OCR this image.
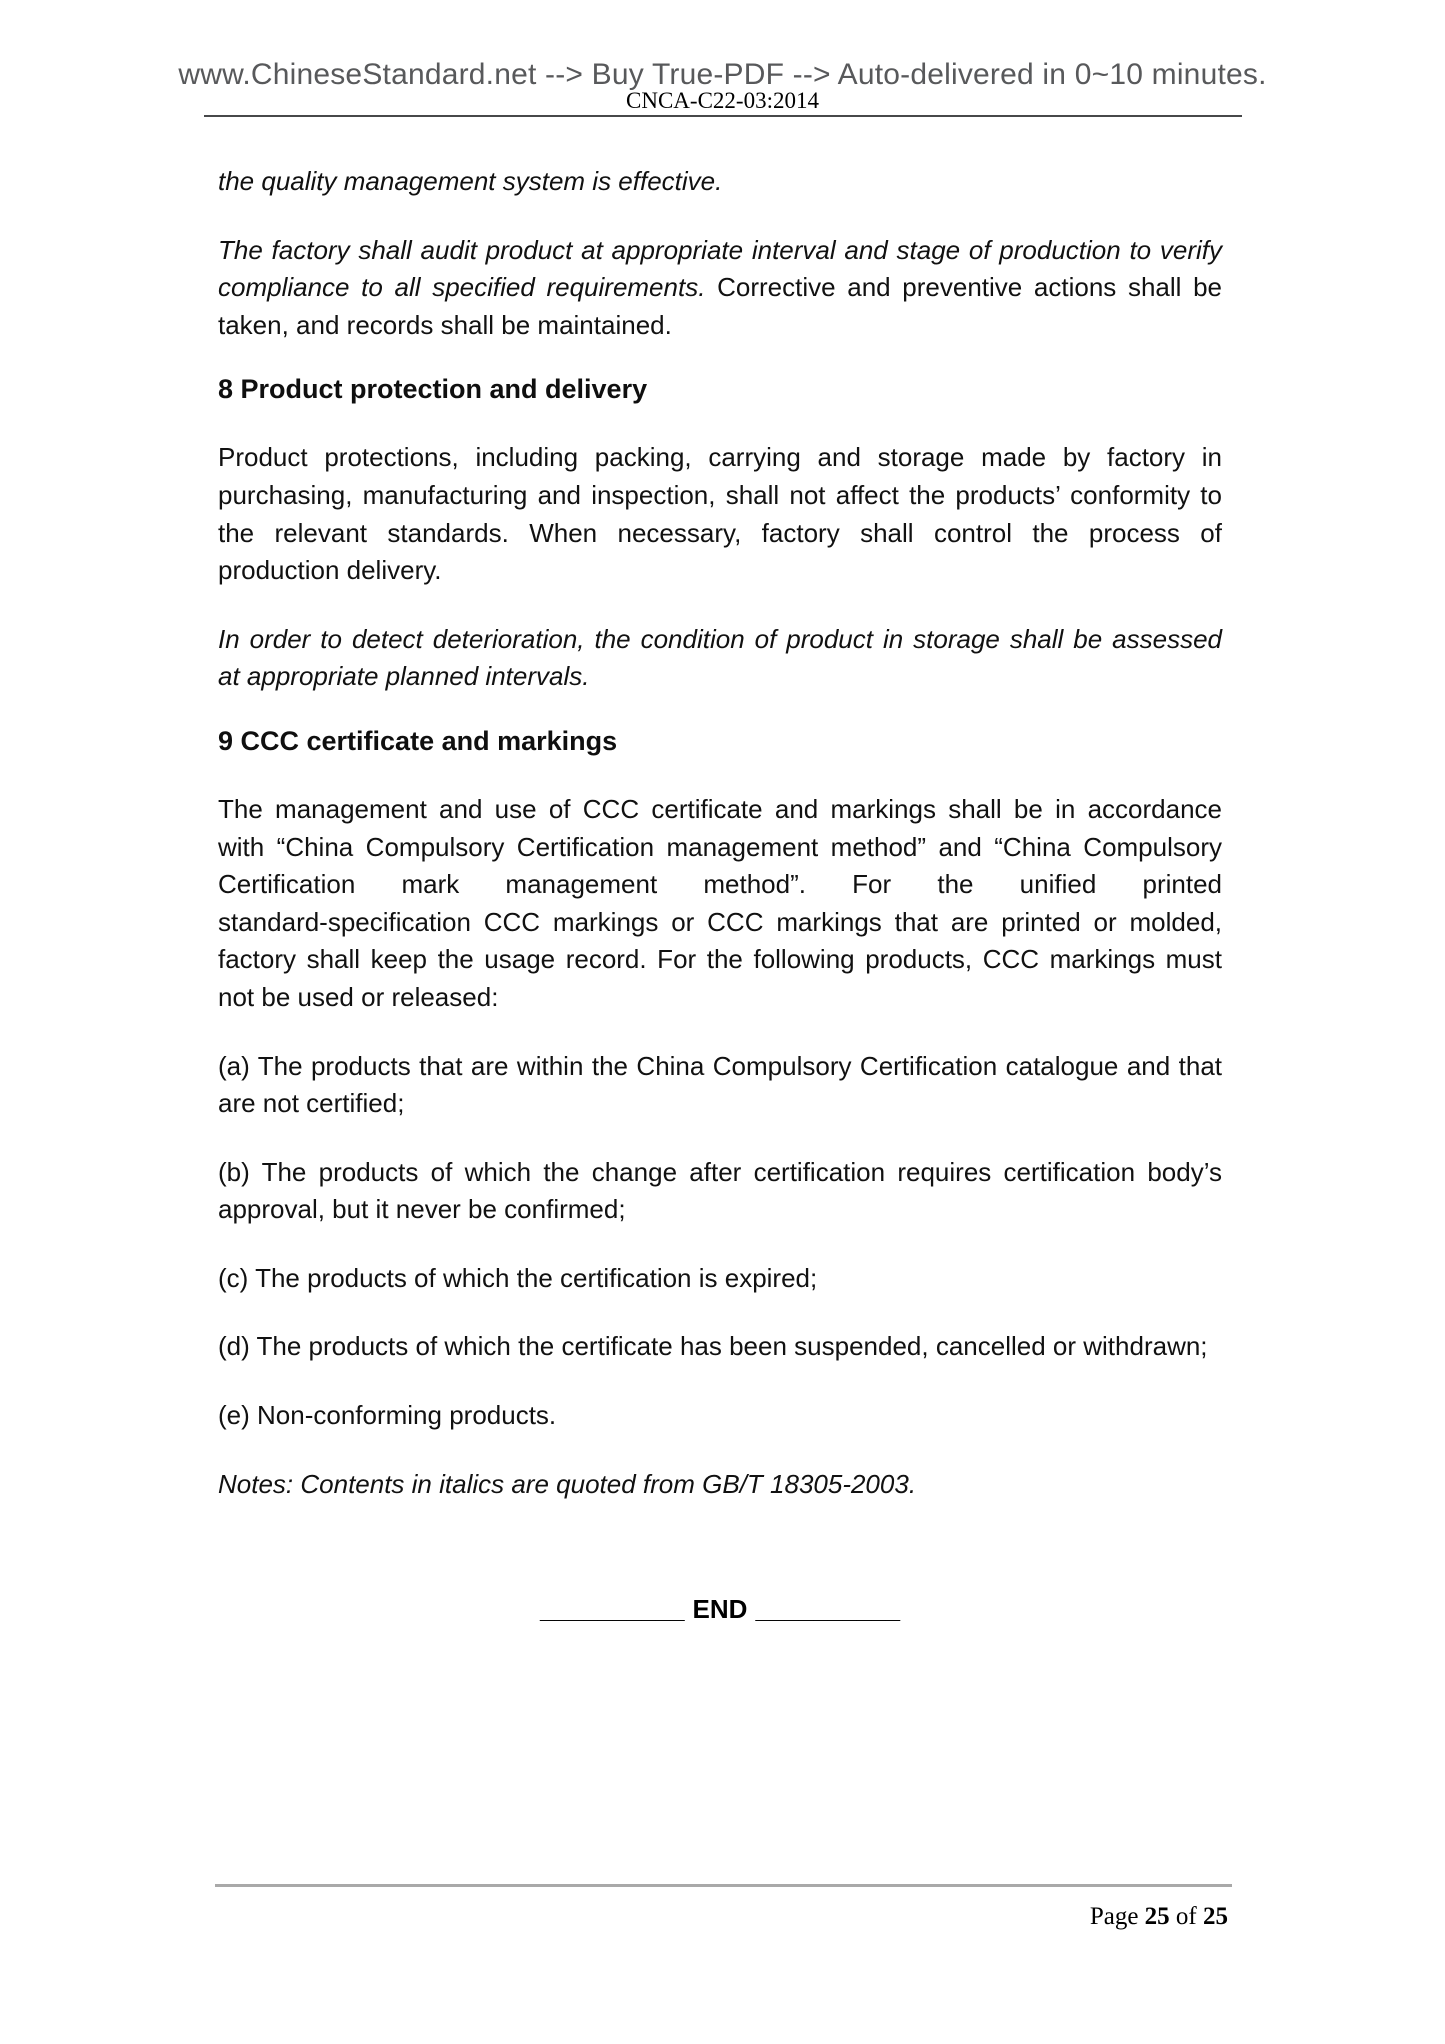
www.ChineseStandard.net --> Buy True-PDF --> Auto-delivered in 0~10 minutes.
CNCA-C22-03:2014

the quality management system is effective.

The factory shall audit product at appropriate interval and stage of production to verify
compliance to all specified requirements. Corrective and preventive actions shall be
taken, and records shall be maintained.
8 Product protection and delivery
Product protections, including packing, carrying and storage made by factory in
purchasing, manufacturing and inspection, shall not affect the products’ conformity to
the relevant standards. When necessary, factory shall control the process of
production delivery.
In order to detect deterioration, the condition of product in storage shall be assessed
at appropriate planned intervals.
9 CCC certificate and markings
The management and use of CCC certificate and markings shall be in accordance
with “China Compulsory Certification management method” and “China Compulsory
Certification mark management method”. For the unified printed
standard-specification CCC markings or CCC markings that are printed or molded,
factory shall keep the usage record. For the following products, CCC markings must
not be used or released:
(a) The products that are within the China Compulsory Certification catalogue and that
are not certified;
(b) The products of which the change after certification requires certification body’s
approval, but it never be confirmed;

(c) The products of which the certification is expired;

(d) The products of which the certificate has been suspended, cancelled or withdrawn;

(e) Non-conforming products.

Notes: Contents in italics are quoted from GB/T 18305-2003.

__________ END __________
Page 25 of 25
